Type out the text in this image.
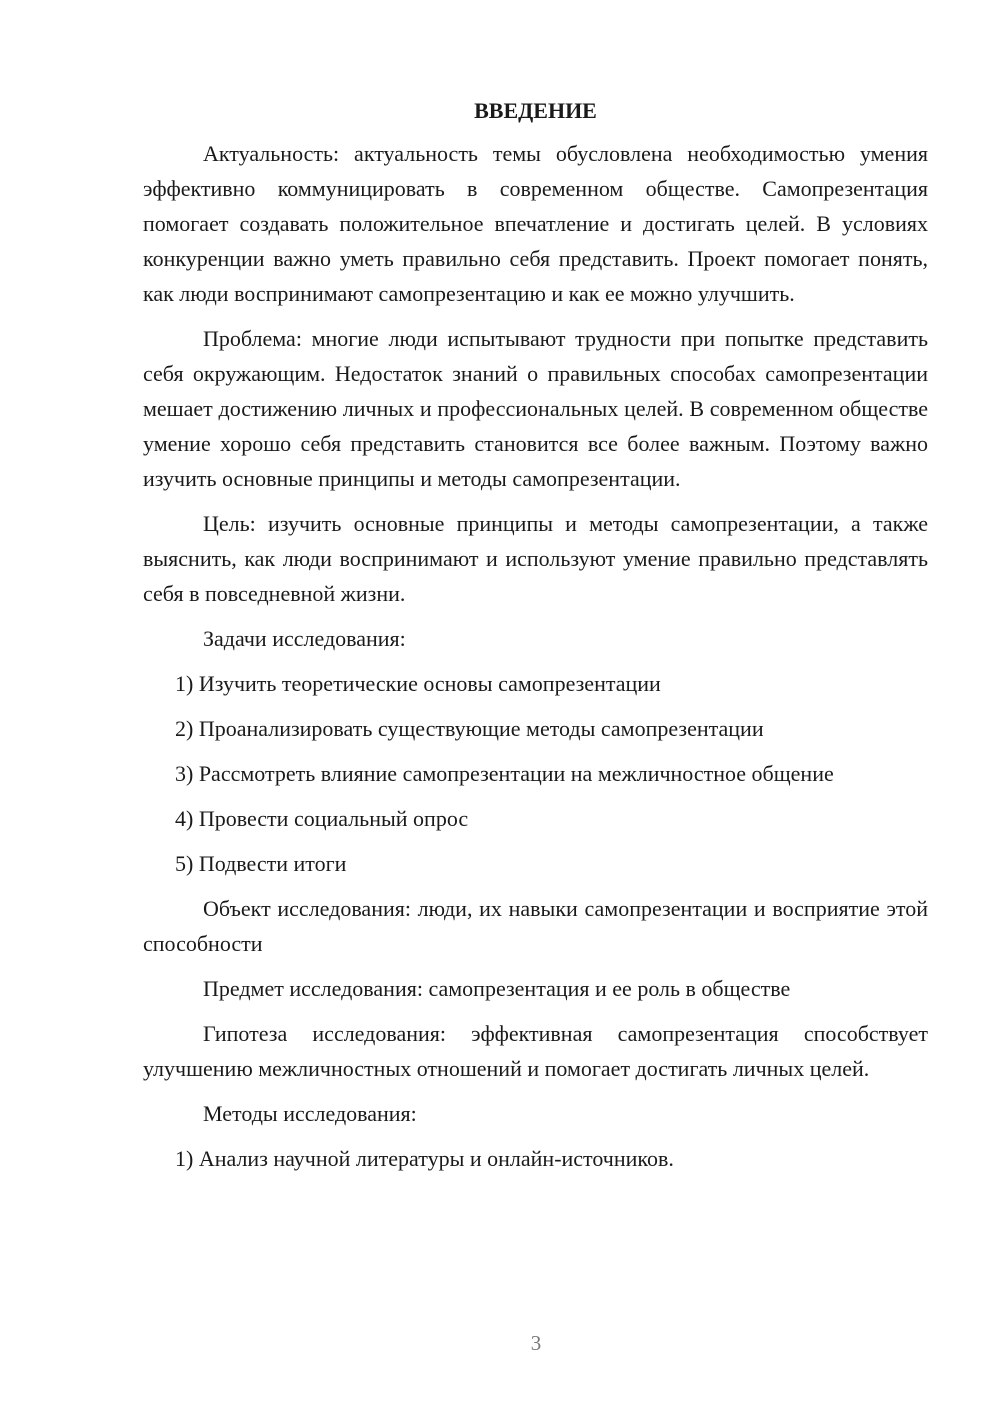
ВВЕДЕНИЕ

Актуальность: актуальность темы обусловлена необходимостью умения эффективно коммуницировать в современном обществе. Самопрезентация помогает создавать положительное впечатление и достигать целей. В условиях конкуренции важно уметь правильно себя представить. Проект помогает понять, как люди воспринимают самопрезентацию и как ее можно улучшить.

Проблема: многие люди испытывают трудности при попытке представить себя окружающим. Недостаток знаний о правильных способах самопрезентации мешает достижению личных и профессиональных целей. В современном обществе умение хорошо себя представить становится все более важным. Поэтому важно изучить основные принципы и методы самопрезентации.

Цель: изучить основные принципы и методы самопрезентации, а также выяснить, как люди воспринимают и используют умение правильно представлять себя в повседневной жизни.

Задачи исследования:

1) Изучить теоретические основы самопрезентации

2) Проанализировать существующие методы самопрезентации

3) Рассмотреть влияние самопрезентации на межличностное общение

4) Провести социальный опрос

5) Подвести итоги

Объект исследования: люди, их навыки самопрезентации и восприятие этой способности

Предмет исследования: самопрезентация и ее роль в обществе

Гипотеза исследования: эффективная самопрезентация способствует улучшению межличностных отношений и помогает достигать личных целей.

Методы исследования:

1) Анализ научной литературы и онлайн-источников.

3
